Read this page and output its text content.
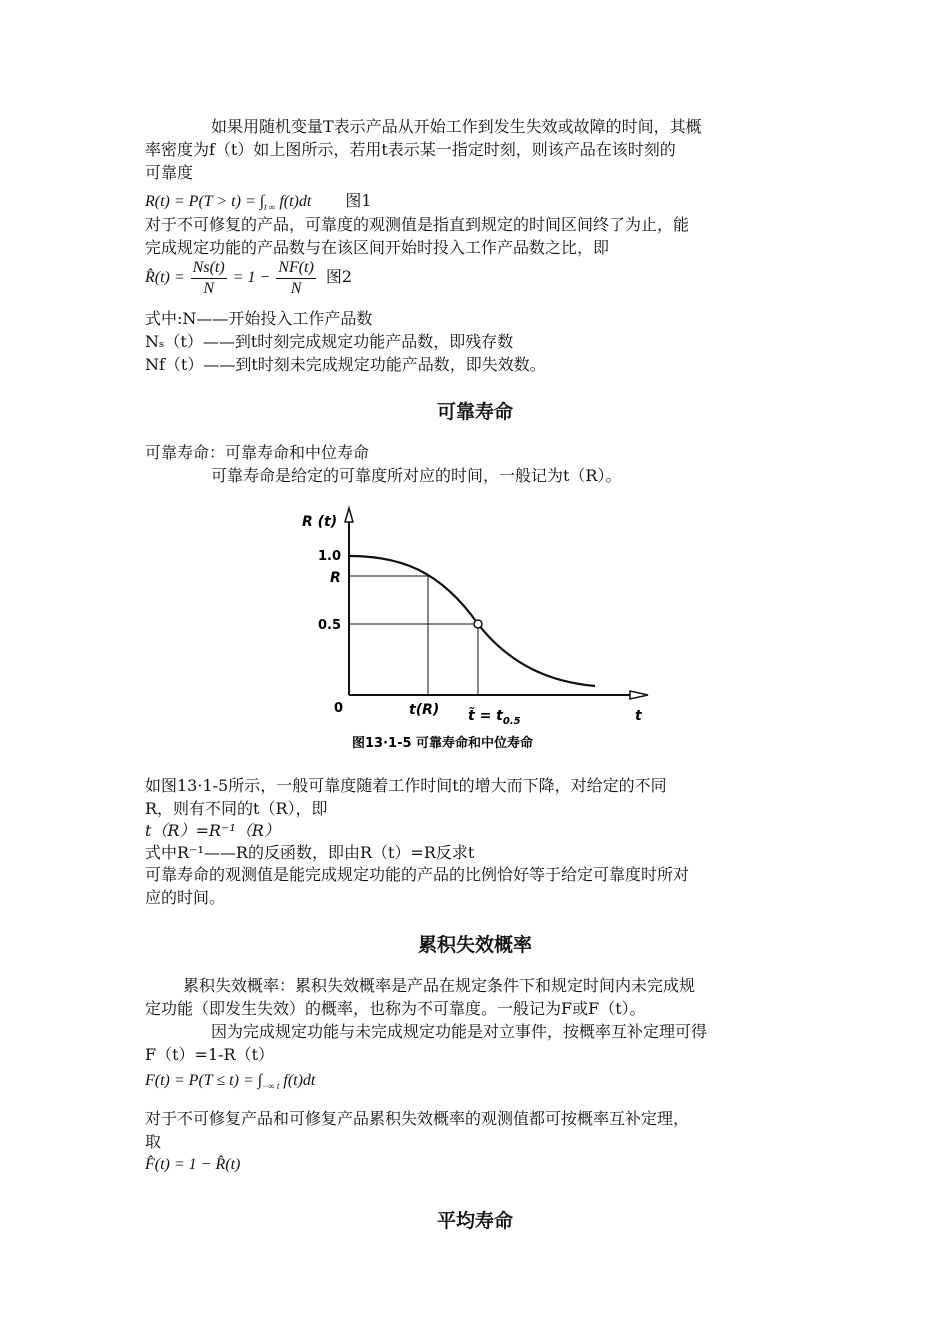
如果用随机变量T表示产品从开始工作到发生失效或故障的时间，其概
率密度为f（t）如上图所示，若用t表示某一指定时刻，则该产品在该时刻的
可靠度
$R(t) = P(T > t) = \int_{t \infty}$ f(t)dt 图1
对于不可修复的产品，可靠度的观测值是指直到规定的时间区间终了为止，能
完成规定功能的产品数与在该区间开始时投入工作产品数之比，即
R̂(t) = $\frac{Ns(t)}{N} = 1 - \frac{NF(t)}{N}$ 图2
式中:N——开始投入工作产品数
Nₛ（t）——到t时刻完成规定功能产品数，即残存数
Nf（t）——到t时刻未完成规定功能产品数，即失效数。
可靠寿命
可靠寿命：可靠寿命和中位寿命
可靠寿命是给定的可靠度所对应的时间，一般记为t（R）。
R (t)
1.0
R
0.5
0	t(R) t̃ = $t_{0.5}$	t
图13·1-5 可靠寿命和中位寿命
如图13·1-5所示，一般可靠度随着工作时间t的增大而下降，对给定的不同
R，则有不同的t（R），即
t（R）=R⁻¹（R）
式中R⁻¹——R的反函数，即由R（t）=R反求t
可靠寿命的观测值是能完成规定功能的产品的比例恰好等于给定可靠度时所对
应的时间。
累积失效概率
累积失效概率：累积失效概率是产品在规定条件下和规定时间内未完成规
定功能（即发生失效）的概率，也称为不可靠度。一般记为F或F（t）。
因为完成规定功能与未完成规定功能是对立事件，按概率互补定理可得
F（t）=1-R（t）
$F(t) = P(T \le t) = \int_{-\infty t}$ f(t)dt
对于不可修复产品和可修复产品累积失效概率的观测值都可按概率互补定理，
取
F̂(t) = 1 − R̂(t)
平均寿命
